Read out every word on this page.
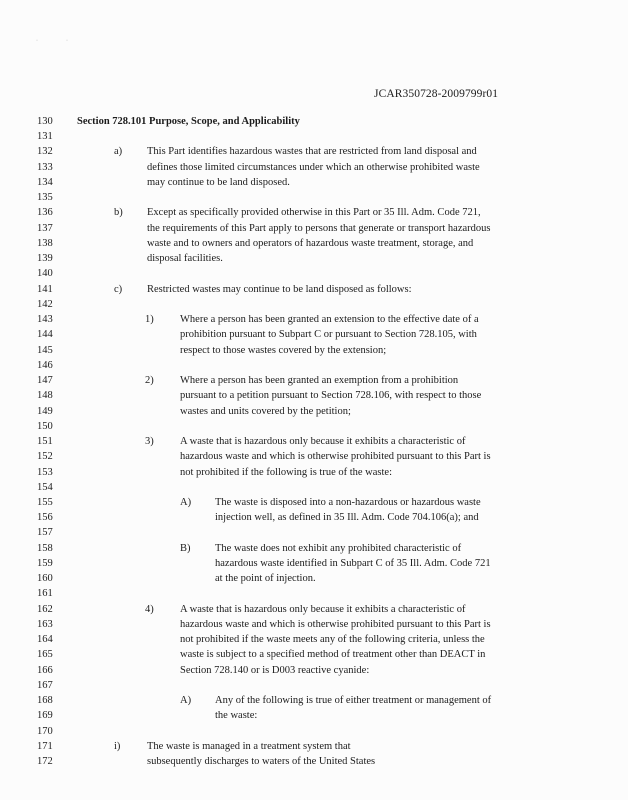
·	·
JCAR350728-2009799r01
130 Section 728.101 Purpose, Scope, and Applicability
131
132	a) This Part identifies hazardous wastes that are restricted from land disposal and
133	defines those limited circumstances under which an otherwise prohibited waste
134	may continue to be land disposed.
135
136	b) Except as specifically provided otherwise in this Part or 35 Ill. Adm. Code 721,
137	the requirements of this Part apply to persons that generate or transport hazardous
138	waste and to owners and operators of hazardous waste treatment, storage, and
139	disposal facilities.
140
141	c) Restricted wastes may continue to be land disposed as follows:
142
143	1)	Where a person has been granted an extension to the effective date of a
144	prohibition pursuant to Subpart C or pursuant to Section 728.105, with
145	respect to those wastes covered by the extension;
146
147	2)	Where a person has been granted an exemption from a prohibition
148	pursuant to a petition pursuant to Section 728.106, with respect to those
149	wastes and units covered by the petition;
150
151	3)	A waste that is hazardous only because it exhibits a characteristic of
152	hazardous waste and which is otherwise prohibited pursuant to this Part is
153	not prohibited if the following is true of the waste:
154
155	A) The waste is disposed into a non-hazardous or hazardous waste
156	injection well, as defined in 35 Ill. Adm. Code 704.106(a); and
157
158	B) The waste does not exhibit any prohibited characteristic of
159	hazardous waste identified in Subpart C of 35 Ill. Adm. Code 721
160	at the point of injection.
161
162	4)	A waste that is hazardous only because it exhibits a characteristic of
163	hazardous waste and which is otherwise prohibited pursuant to this Part is
164	not prohibited if the waste meets any of the following criteria, unless the
165	waste is subject to a specified method of treatment other than DEACT in
166	Section 728.140 or is D003 reactive cyanide:
167
168	A) Any of the following is true of either treatment or management of
169	the waste:
170
171	i)	The waste is managed in a treatment system that
172	subsequently discharges to waters of the United States
